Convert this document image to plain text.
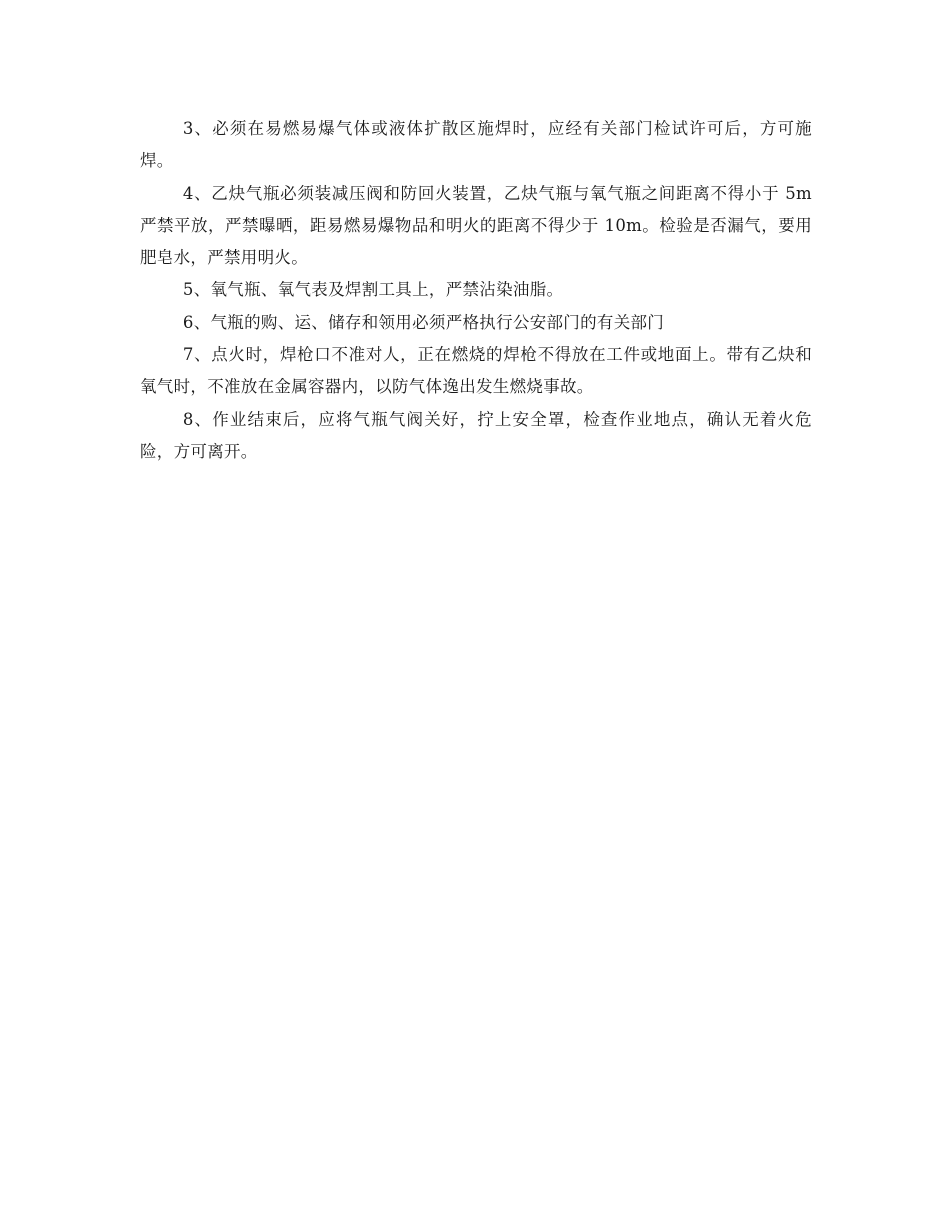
3、必须在易燃易爆气体或液体扩散区施焊时，应经有关部门检试许可后，方可施焊。

4、乙炔气瓶必须装减压阀和防回火装置，乙炔气瓶与氧气瓶之间距离不得小于 5m 严禁平放，严禁曝晒，距易燃易爆物品和明火的距离不得少于 10m。检验是否漏气，要用肥皂水，严禁用明火。

5、氧气瓶、氧气表及焊割工具上，严禁沾染油脂。

6、气瓶的购、运、储存和领用必须严格执行公安部门的有关部门

7、点火时，焊枪口不准对人，正在燃烧的焊枪不得放在工件或地面上。带有乙炔和氧气时，不准放在金属容器内，以防气体逸出发生燃烧事故。

8、作业结束后，应将气瓶气阀关好，拧上安全罩，检查作业地点，确认无着火危险，方可离开。
